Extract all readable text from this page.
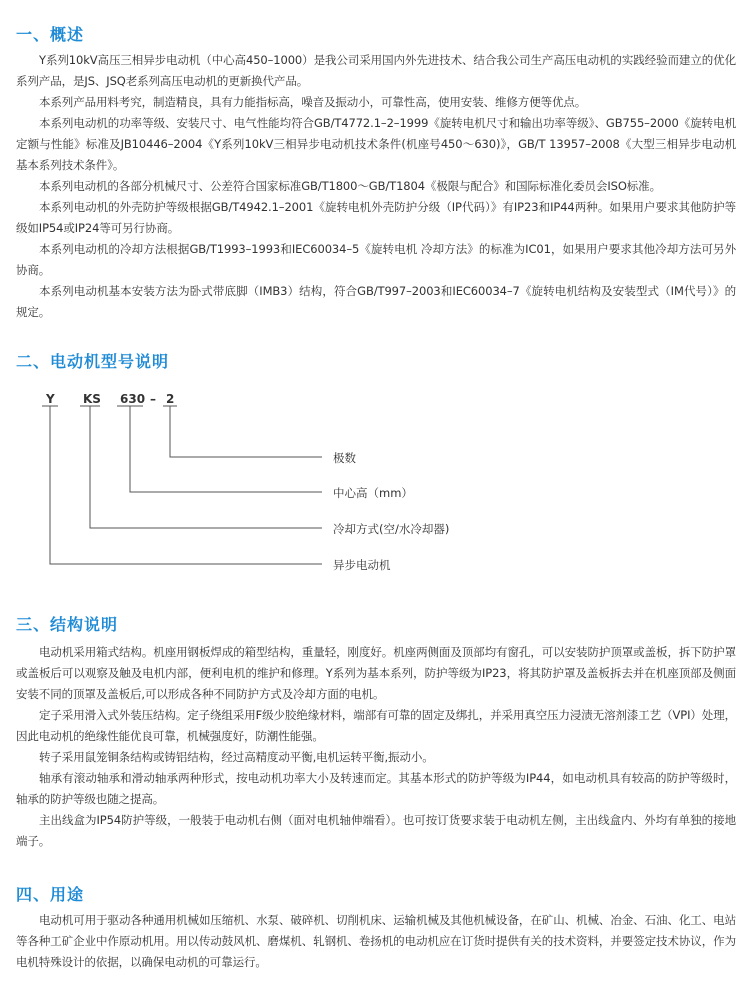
一、概述
Y系列10kV高压三相异步电动机（中心高450–1000）是我公司采用国内外先进技术、结合我公司生产高压电动机的实践经验而建立的优化系列产品，是JS、JSQ老系列高压电动机的更新换代产品。
本系列产品用料考究，制造精良，具有力能指标高，噪音及振动小，可靠性高，使用安装、维修方便等优点。
本系列电动机的功率等级、安装尺寸、电气性能均符合GB/T4772.1–2–1999《旋转电机尺寸和输出功率等级》、GB755–2000《旋转电机 定额与性能》标准及JB10446–2004《Y系列10kV三相异步电动机技术条件(机座号450～630)》，GB/T 13957–2008《大型三相异步电动机基本系列技术条件》。
本系列电动机的各部分机械尺寸、公差符合国家标准GB/T1800～GB/T1804《极限与配合》和国际标准化委员会ISO标准。
本系列电动机的外壳防护等级根据GB/T4942.1–2001《旋转电机外壳防护分级（IP代码）》有IP23和IP44两种。如果用户要求其他防护等级如IP54或IP24等可另行协商。
本系列电动机的冷却方法根据GB/T1993–1993和IEC60034–5《旋转电机 冷却方法》的标准为IC01，如果用户要求其他冷却方法可另外协商。
本系列电动机基本安装方法为卧式带底脚（IMB3）结构，符合GB/T997–2003和IEC60034–7《旋转电机结构及安装型式（IM代号）》的规定。
二、电动机型号说明
Y KS 630 – 2
极数
中心高（mm）
冷却方式(空/水冷却器)
异步电动机
三、结构说明
电动机采用箱式结构。机座用钢板焊成的箱型结构，重量轻，刚度好。机座两侧面及顶部均有窗孔，可以安装防护顶罩或盖板，拆下防护罩或盖板后可以观察及触及电机内部，便利电机的维护和修理。Y系列为基本系列，防护等级为IP23，将其防护罩及盖板拆去并在机座顶部及侧面安装不同的顶罩及盖板后,可以形成各种不同防护方式及冷却方面的电机。
定子采用滑入式外装压结构。定子绕组采用F级少胶绝缘材料，端部有可靠的固定及绑扎，并采用真空压力浸渍无溶剂漆工艺（VPI）处理，因此电动机的绝缘性能优良可靠，机械强度好，防潮性能强。
转子采用鼠笼铜条结构或铸铝结构，经过高精度动平衡,电机运转平衡,振动小。
轴承有滚动轴承和滑动轴承两种形式，按电动机功率大小及转速而定。其基本形式的防护等级为IP44，如电动机具有较高的防护等级时，轴承的防护等级也随之提高。
主出线盒为IP54防护等级，一般装于电动机右侧（面对电机轴伸端看）。也可按订货要求装于电动机左侧，主出线盒内、外均有单独的接地端子。
四、用途
电动机可用于驱动各种通用机械如压缩机、水泵、破碎机、切削机床、运输机械及其他机械设备，在矿山、机械、冶金、石油、化工、电站等各种工矿企业中作原动机用。用以传动鼓风机、磨煤机、轧钢机、卷扬机的电动机应在订货时提供有关的技术资料，并要签定技术协议，作为电机特殊设计的依据，以确保电动机的可靠运行。
